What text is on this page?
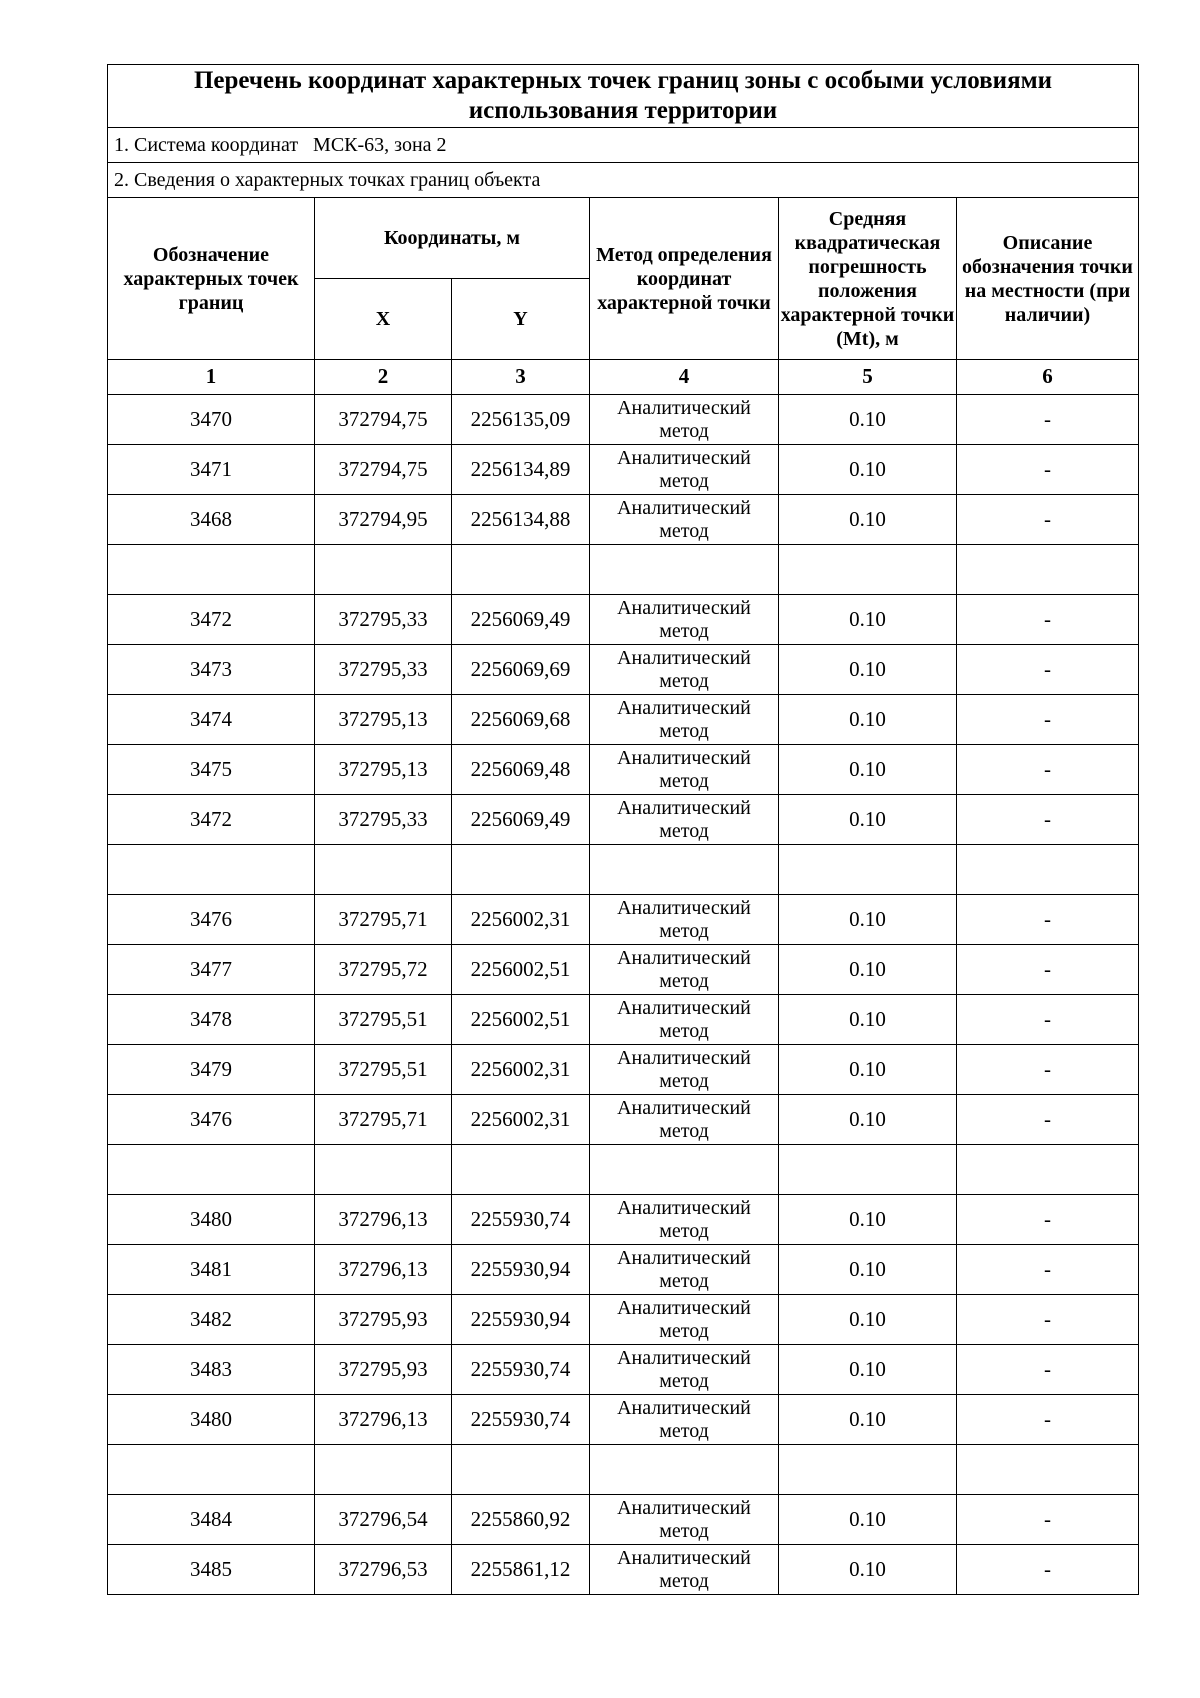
Перечень координат характерных точек границ зоны с особыми условиями использования территории					
1. Система координат   МСК-63, зона 2					
2. Сведения о характерных точках границ объекта					
Обозначение характерных точек границ	Координаты, м		Метод определения координат характерной точки	Средняя квадратическая погрешность положения характерной точки (Mt), м	Описание обозначения точки на местности (при наличии)
	X	Y			
1	2	3	4	5	6
3470	372794,75	2256135,09	Аналитический метод	0.10	-
3471	372794,75	2256134,89	Аналитический метод	0.10	-
3468	372794,95	2256134,88	Аналитический метод	0.10	-

3472	372795,33	2256069,49	Аналитический метод	0.10	-
3473	372795,33	2256069,69	Аналитический метод	0.10	-
3474	372795,13	2256069,68	Аналитический метод	0.10	-
3475	372795,13	2256069,48	Аналитический метод	0.10	-
3472	372795,33	2256069,49	Аналитический метод	0.10	-

3476	372795,71	2256002,31	Аналитический метод	0.10	-
3477	372795,72	2256002,51	Аналитический метод	0.10	-
3478	372795,51	2256002,51	Аналитический метод	0.10	-
3479	372795,51	2256002,31	Аналитический метод	0.10	-
3476	372795,71	2256002,31	Аналитический метод	0.10	-

3480	372796,13	2255930,74	Аналитический метод	0.10	-
3481	372796,13	2255930,94	Аналитический метод	0.10	-
3482	372795,93	2255930,94	Аналитический метод	0.10	-
3483	372795,93	2255930,74	Аналитический метод	0.10	-
3480	372796,13	2255930,74	Аналитический метод	0.10	-

3484	372796,54	2255860,92	Аналитический метод	0.10	-
3485	372796,53	2255861,12	Аналитический метод	0.10	-
